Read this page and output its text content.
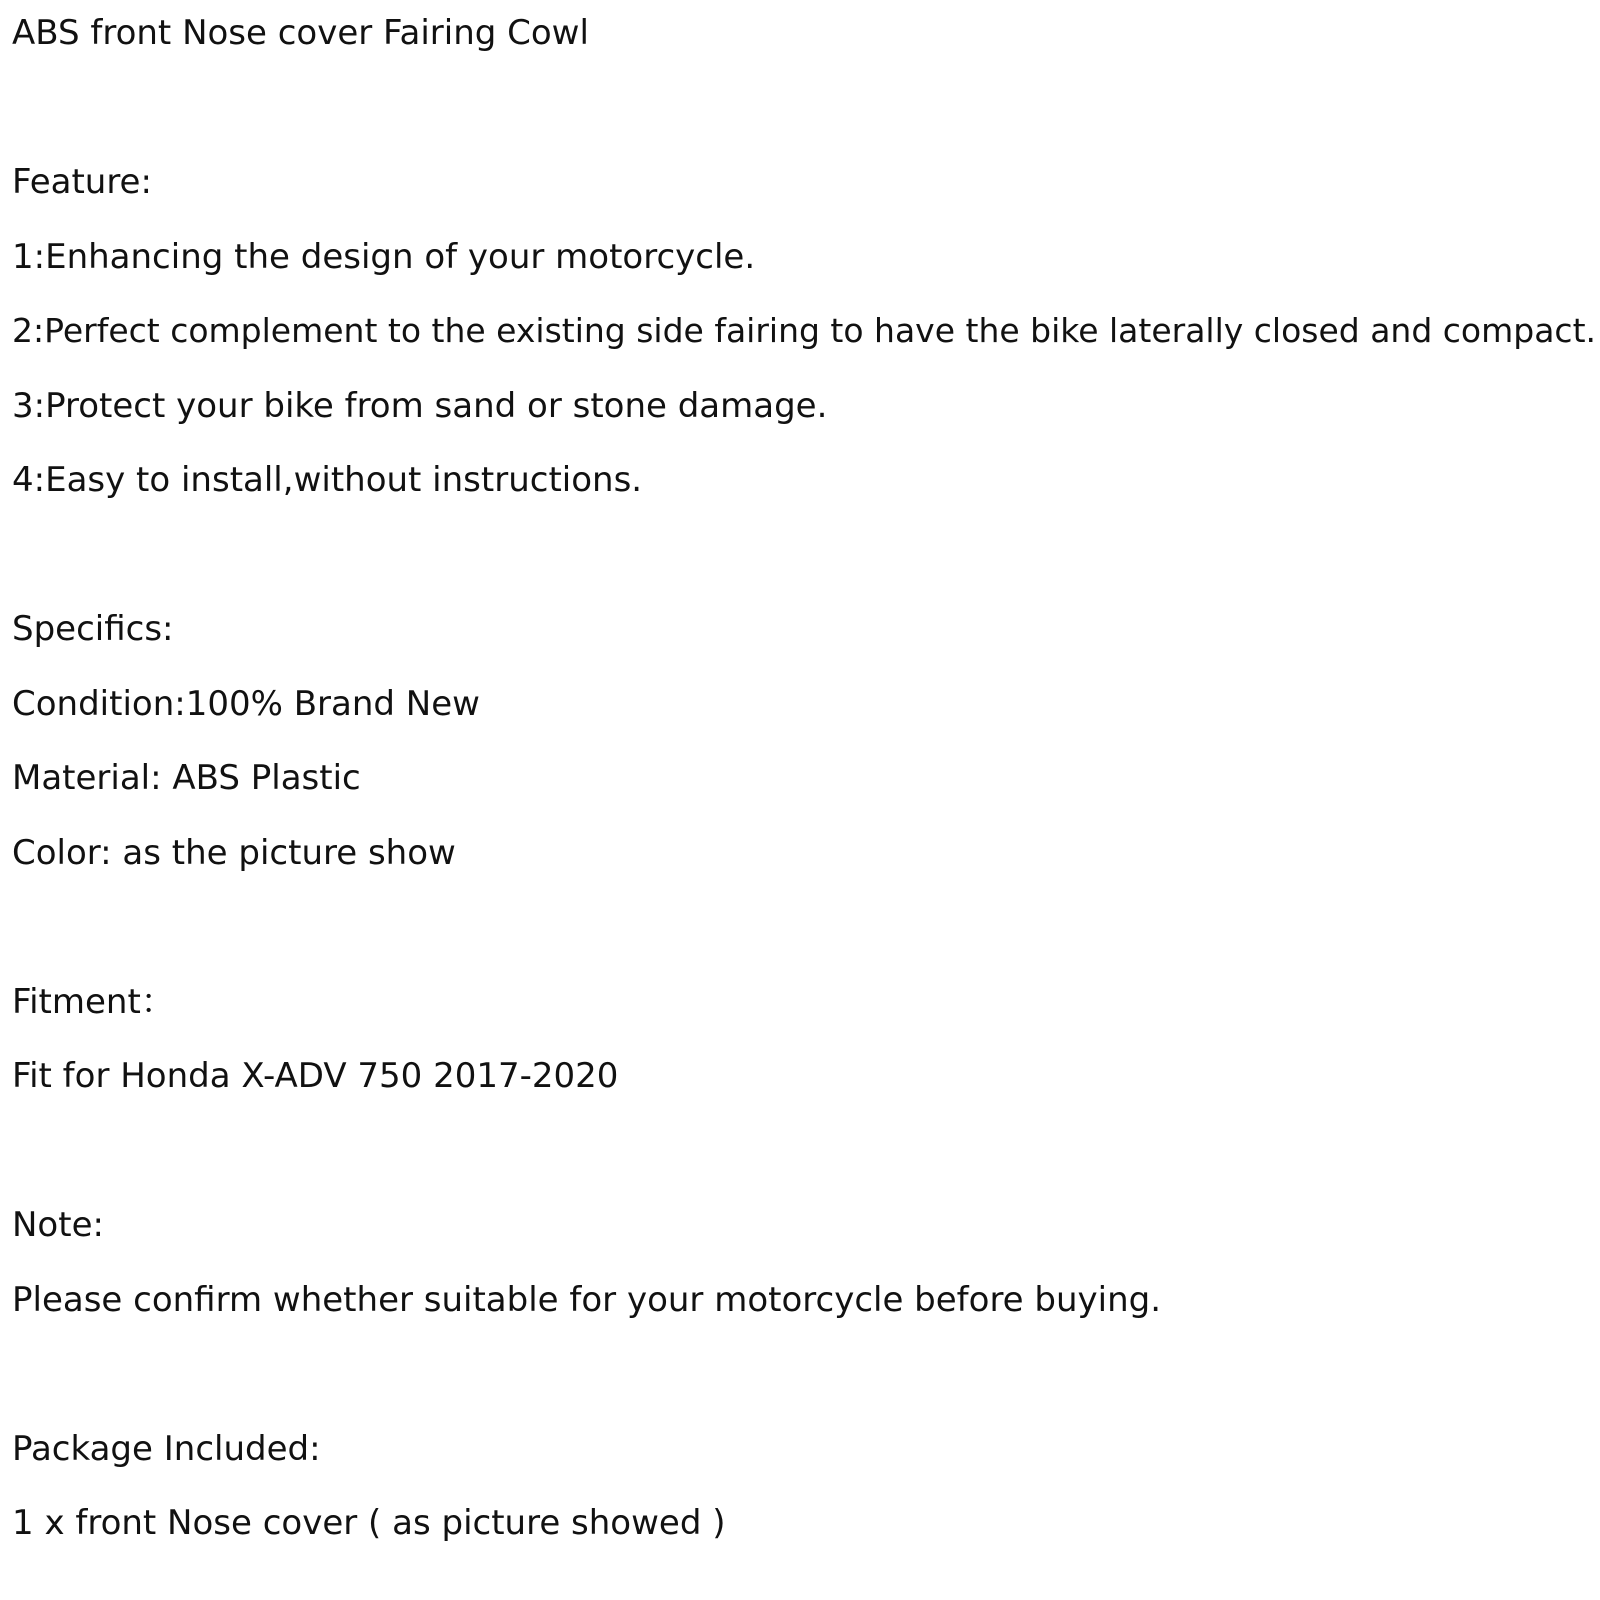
ABS front Nose cover Fairing Cowl
Feature:
1:Enhancing the design of your motorcycle.
2:Perfect complement to the existing side fairing to have the bike laterally closed and compact.
3:Protect your bike from sand or stone damage.
4:Easy to install,without instructions.
Specifics:
Condition:100% Brand New
Material: ABS Plastic
Color: as the picture show
Fitment：
Fit for Honda X-ADV 750 2017-2020
Note:
Please confirm whether suitable for your motorcycle before buying.
Package Included:
1 x front Nose cover ( as picture showed )
